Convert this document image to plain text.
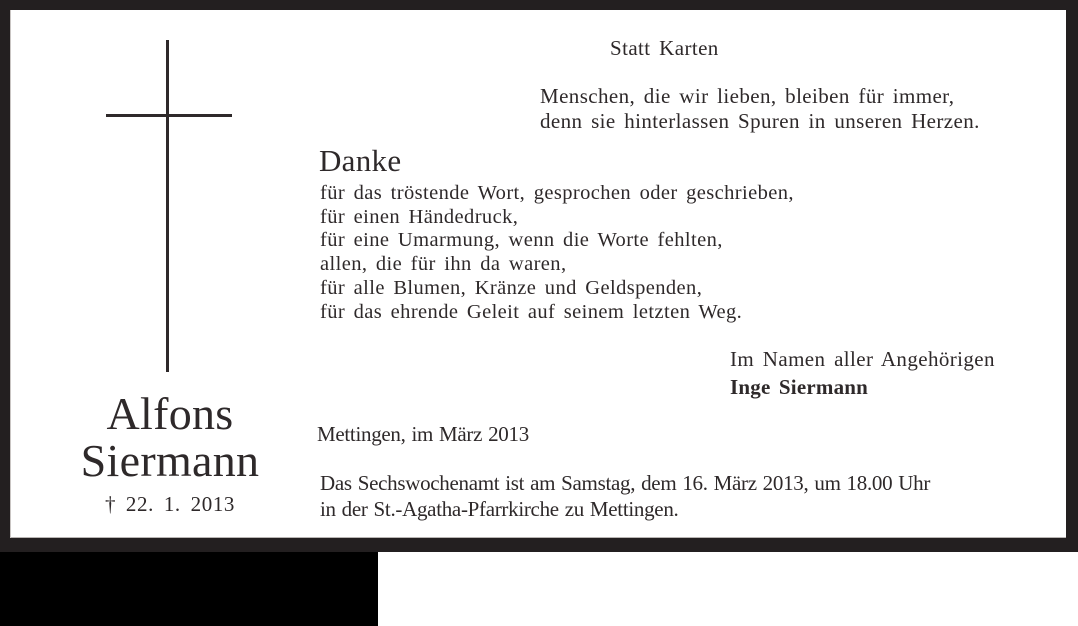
Statt Karten
Menschen, die wir lieben, bleiben für immer,
denn sie hinterlassen Spuren in unseren Herzen.
Danke
für das tröstende Wort, gesprochen oder geschrieben,
für einen Händedruck,
für eine Umarmung, wenn die Worte fehlten,
allen, die für ihn da waren,
für alle Blumen, Kränze und Geldspenden,
für das ehrende Geleit auf seinem letzten Weg.
Im Namen aller Angehörigen
Inge Siermann
Mettingen, im März 2013
Das Sechswochenamt ist am Samstag, dem 16. März 2013, um 18.00 Uhr
in der St.-Agatha-Pfarrkirche zu Mettingen.
Alfons
Siermann
† 22. 1. 2013
